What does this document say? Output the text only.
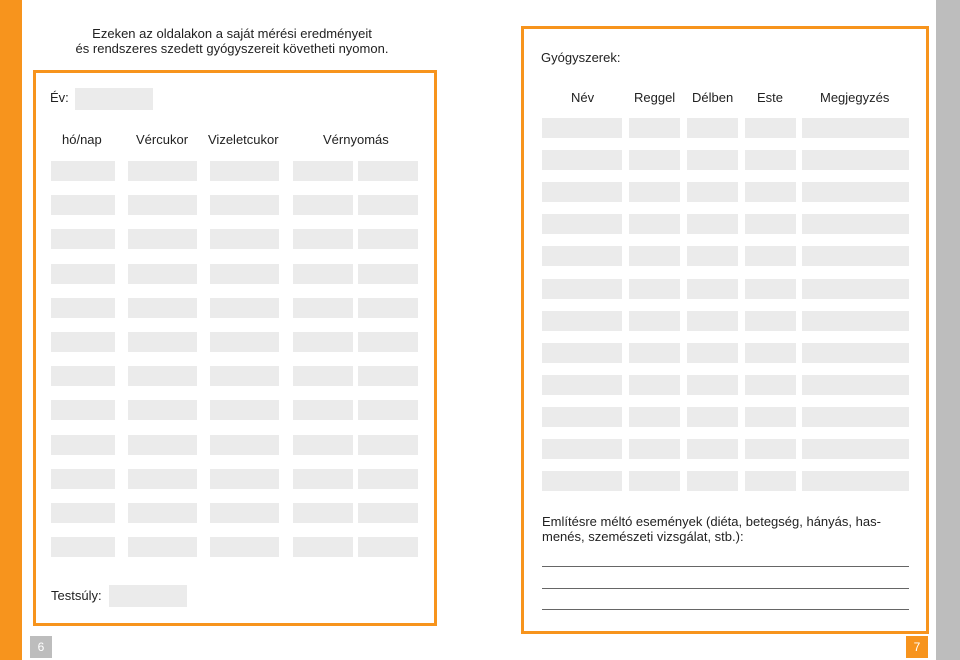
Ezeken az oldalakon a saját mérési eredményeit
és rendszeres szedett gyógyszereit követheti nyomon.
Év:
hó/nap	Vércukor Vizeletcukor	Vérnyomás
Testsúly:
6
Gyógyszerek:
Név	Reggel Délben Este	Megjegyzés
Említésre méltó események (diéta, betegség, hányás, has-
menés, szemészeti vizsgálat, stb.):
7
